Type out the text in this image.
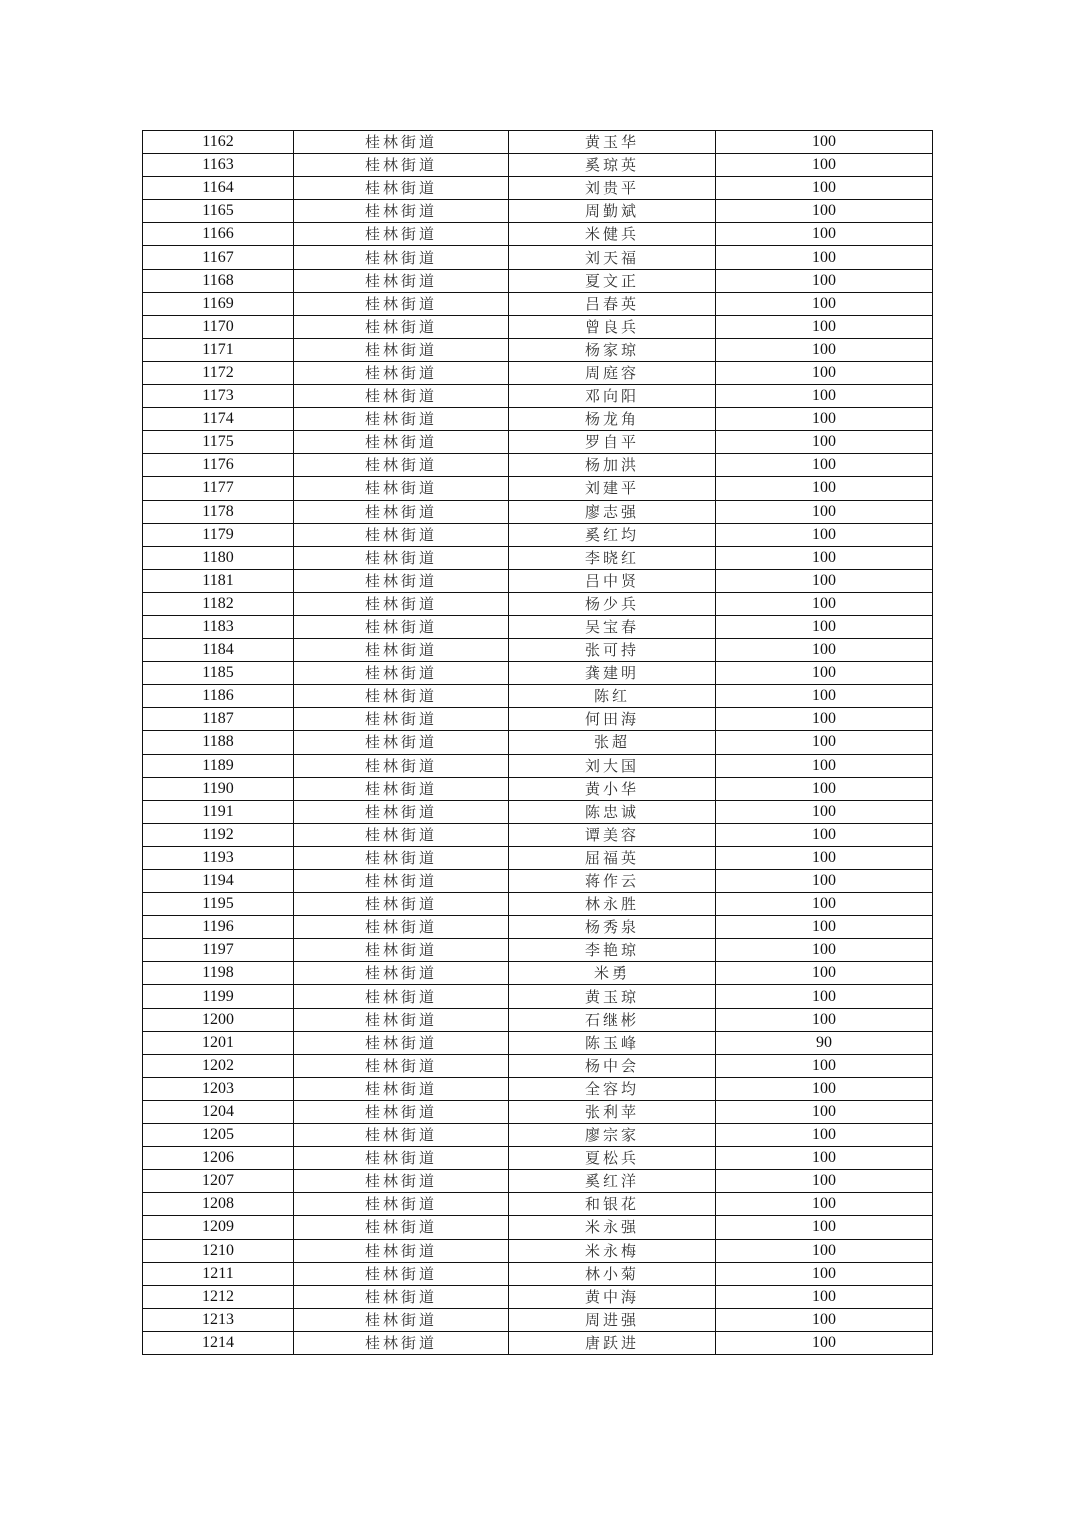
1162	桂林街道	黄玉华	100
1163	桂林街道	奚琼英	100
1164	桂林街道	刘贵平	100
1165	桂林街道	周勤斌	100
1166	桂林街道	米健兵	100
1167	桂林街道	刘天福	100
1168	桂林街道	夏文正	100
1169	桂林街道	吕春英	100
1170	桂林街道	曾良兵	100
1171	桂林街道	杨家琼	100
1172	桂林街道	周庭容	100
1173	桂林街道	邓向阳	100
1174	桂林街道	杨龙角	100
1175	桂林街道	罗自平	100
1176	桂林街道	杨加洪	100
1177	桂林街道	刘建平	100
1178	桂林街道	廖志强	100
1179	桂林街道	奚红均	100
1180	桂林街道	李晓红	100
1181	桂林街道	吕中贤	100
1182	桂林街道	杨少兵	100
1183	桂林街道	吴宝春	100
1184	桂林街道	张可持	100
1185	桂林街道	龚建明	100
1186	桂林街道	陈红	100
1187	桂林街道	何田海	100
1188	桂林街道	张超	100
1189	桂林街道	刘大国	100
1190	桂林街道	黄小华	100
1191	桂林街道	陈忠诚	100
1192	桂林街道	谭美容	100
1193	桂林街道	屈福英	100
1194	桂林街道	蒋作云	100
1195	桂林街道	林永胜	100
1196	桂林街道	杨秀泉	100
1197	桂林街道	李艳琼	100
1198	桂林街道	米勇	100
1199	桂林街道	黄玉琼	100
1200	桂林街道	石继彬	100
1201	桂林街道	陈玉峰	90
1202	桂林街道	杨中会	100
1203	桂林街道	全容均	100
1204	桂林街道	张利苹	100
1205	桂林街道	廖宗家	100
1206	桂林街道	夏松兵	100
1207	桂林街道	奚红洋	100
1208	桂林街道	和银花	100
1209	桂林街道	米永强	100
1210	桂林街道	米永梅	100
1211	桂林街道	林小菊	100
1212	桂林街道	黄中海	100
1213	桂林街道	周进强	100
1214	桂林街道	唐跃进	100
